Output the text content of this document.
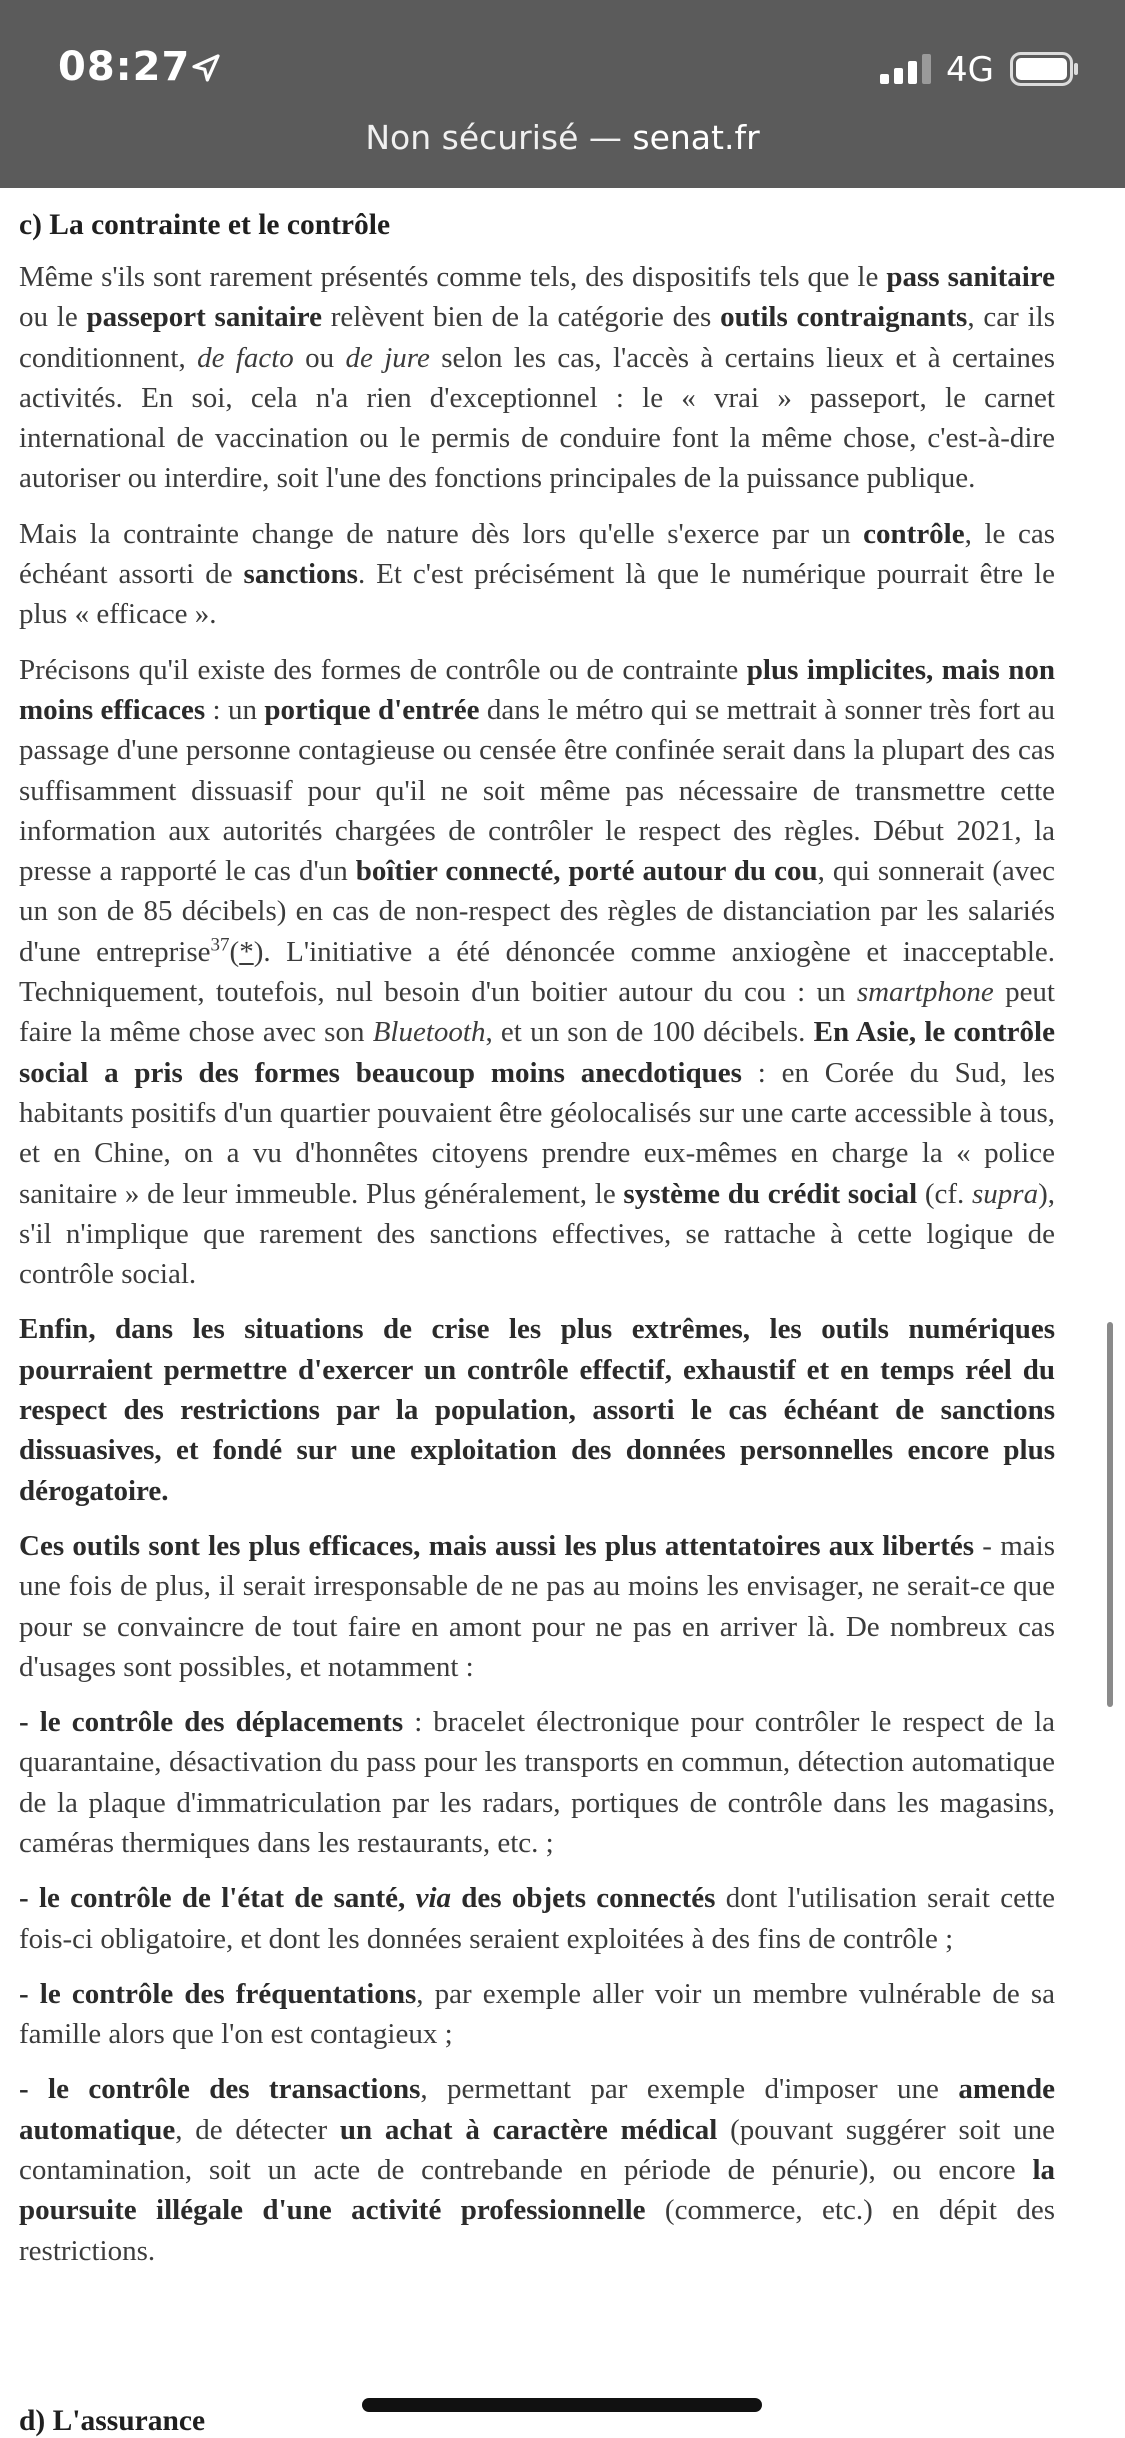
08:27	4G
Non sécurisé — senat.fr
c) La contrainte et le contrôle

Même s'ils sont rarement présentés comme tels, des dispositifs tels que le pass sanitaire ou le passeport sanitaire relèvent bien de la catégorie des outils contraignants, car ils conditionnent, de facto ou de jure selon les cas, l'accès à certains lieux et à certaines activités. En soi, cela n'a rien d'exceptionnel : le « vrai » passeport, le carnet international de vaccination ou le permis de conduire font la même chose, c'est-à-dire autoriser ou interdire, soit l'une des fonctions principales de la puissance publique.

Mais la contrainte change de nature dès lors qu'elle s'exerce par un contrôle, le cas échéant assorti de sanctions. Et c'est précisément là que le numérique pourrait être le plus « efficace ».

Précisons qu'il existe des formes de contrôle ou de contrainte plus implicites, mais non moins efficaces : un portique d'entrée dans le métro qui se mettrait à sonner très fort au passage d'une personne contagieuse ou censée être confinée serait dans la plupart des cas suffisamment dissuasif pour qu'il ne soit même pas nécessaire de transmettre cette information aux autorités chargées de contrôler le respect des règles. Début 2021, la presse a rapporté le cas d'un boîtier connecté, porté autour du cou, qui sonnerait (avec un son de 85 décibels) en cas de non-respect des règles de distanciation par les salariés d'une entreprise$^{37}$(*). L'initiative a été dénoncée comme anxiogène et inacceptable. Techniquement, toutefois, nul besoin d'un boitier autour du cou : un smartphone peut faire la même chose avec son Bluetooth, et un son de 100 décibels. En Asie, le contrôle social a pris des formes beaucoup moins anecdotiques : en Corée du Sud, les habitants positifs d'un quartier pouvaient être géolocalisés sur une carte accessible à tous, et en Chine, on a vu d'honnêtes citoyens prendre eux-mêmes en charge la « police sanitaire » de leur immeuble. Plus généralement, le système du crédit social (cf. supra), s'il n'implique que rarement des sanctions effectives, se rattache à cette logique de contrôle social.

Enfin, dans les situations de crise les plus extrêmes, les outils numériques pourraient permettre d'exercer un contrôle effectif, exhaustif et en temps réel du respect des restrictions par la population, assorti le cas échéant de sanctions dissuasives, et fondé sur une exploitation des données personnelles encore plus dérogatoire.

Ces outils sont les plus efficaces, mais aussi les plus attentatoires aux libertés - mais une fois de plus, il serait irresponsable de ne pas au moins les envisager, ne serait-ce que pour se convaincre de tout faire en amont pour ne pas en arriver là. De nombreux cas d'usages sont possibles, et notamment :

- le contrôle des déplacements : bracelet électronique pour contrôler le respect de la quarantaine, désactivation du pass pour les transports en commun, détection automatique de la plaque d'immatriculation par les radars, portiques de contrôle dans les magasins, caméras thermiques dans les restaurants, etc. ;

- le contrôle de l'état de santé, via des objets connectés dont l'utilisation serait cette fois-ci obligatoire, et dont les données seraient exploitées à des fins de contrôle ;

- le contrôle des fréquentations, par exemple aller voir un membre vulnérable de sa famille alors que l'on est contagieux ;

- le contrôle des transactions, permettant par exemple d'imposer une amende automatique, de détecter un achat à caractère médical (pouvant suggérer soit une contamination, soit un acte de contrebande en période de pénurie), ou encore la poursuite illégale d'une activité professionnelle (commerce, etc.) en dépit des restrictions.

d) L'assurance
